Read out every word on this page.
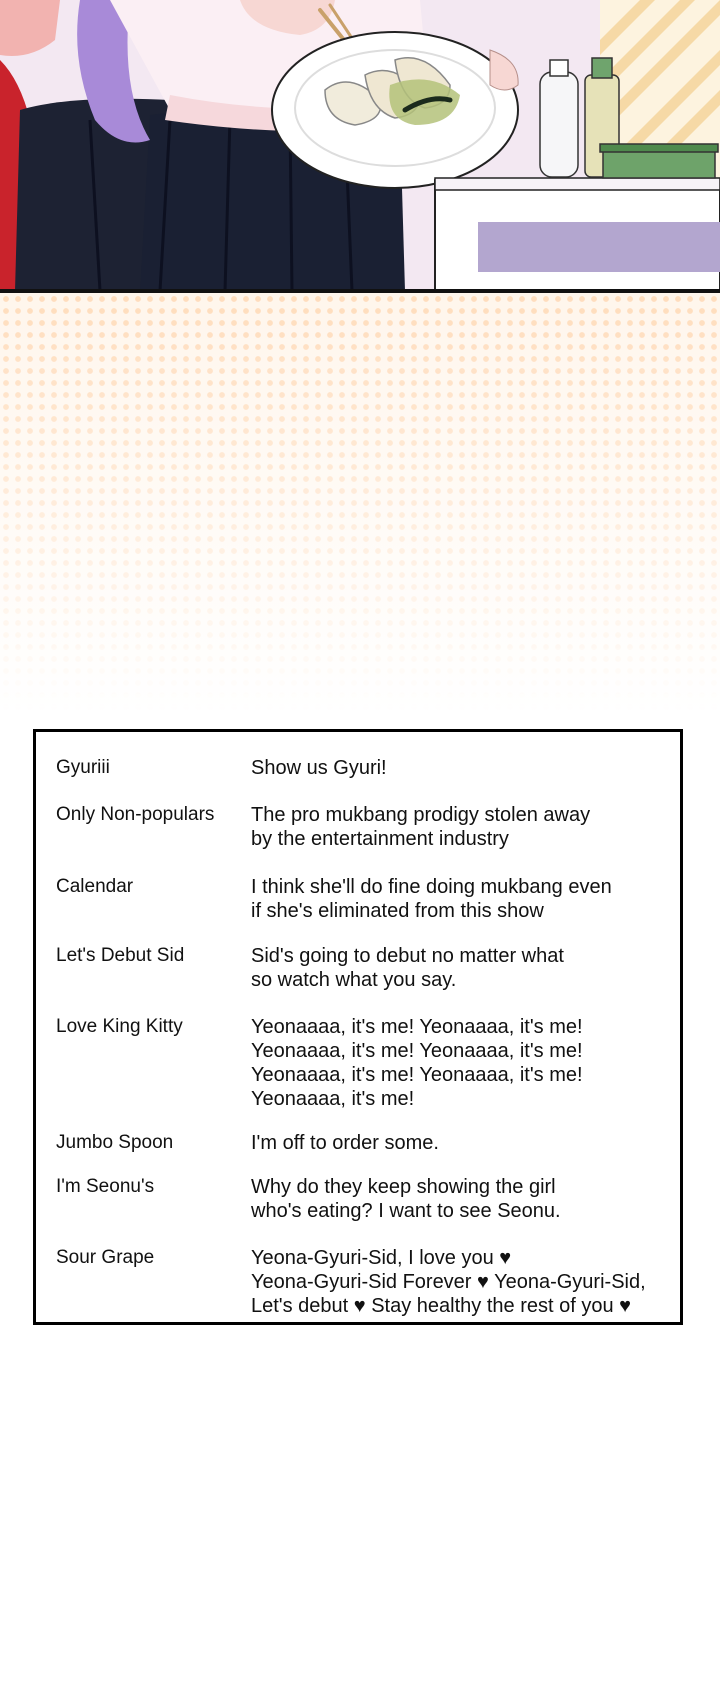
Gyuriii	Show us Gyuri!
Only Non-populars	The pro mukbang prodigy stolen away
by the entertainment industry
Calendar	I think she'll do fine doing mukbang even
if she's eliminated from this show
Let's Debut Sid	Sid's going to debut no matter what
so watch what you say.
Love King Kitty	Yeonaaaa, it's me! Yeonaaaa, it's me!
Yeonaaaa, it's me! Yeonaaaa, it's me!
Yeonaaaa, it's me! Yeonaaaa, it's me!
Yeonaaaa, it's me!
Jumbo Spoon	I'm off to order some.
I'm Seonu's	Why do they keep showing the girl
who's eating? I want to see Seonu.
Sour Grape	Yeona-Gyuri-Sid, I love you ♥
Yeona-Gyuri-Sid Forever ♥ Yeona-Gyuri-Sid,
Let's debut ♥ Stay healthy the rest of you ♥
